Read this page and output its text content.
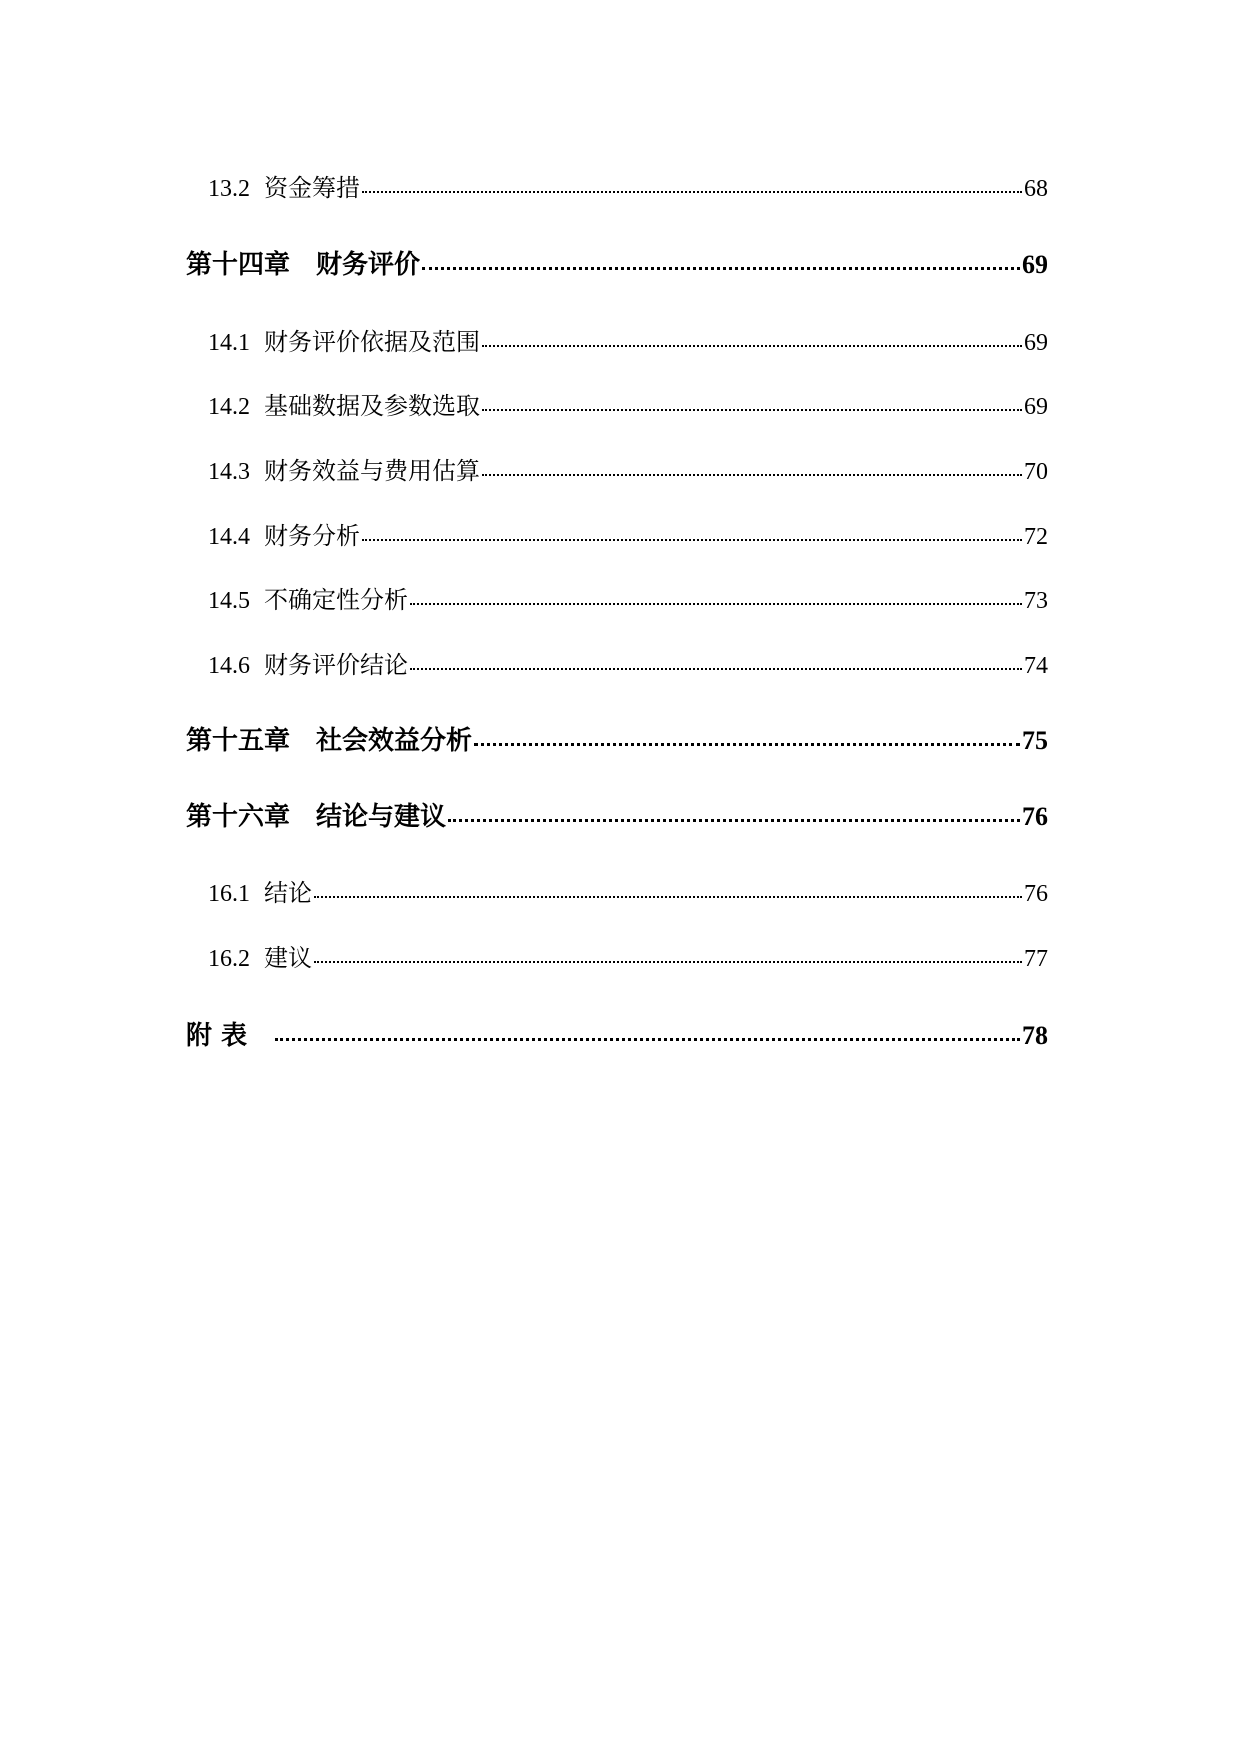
13.2 资金筹措	68
第十四章 财务评价	69
14.1 财务评价依据及范围	69
14.2 基础数据及参数选取	69
14.3 财务效益与费用估算	70
14.4 财务分析	72
14.5 不确定性分析	73
14.6 财务评价结论	74
第十五章 社会效益分析	75
第十六章 结论与建议	76
16.1 结论	76
16.2 建议	77
附 表	78
